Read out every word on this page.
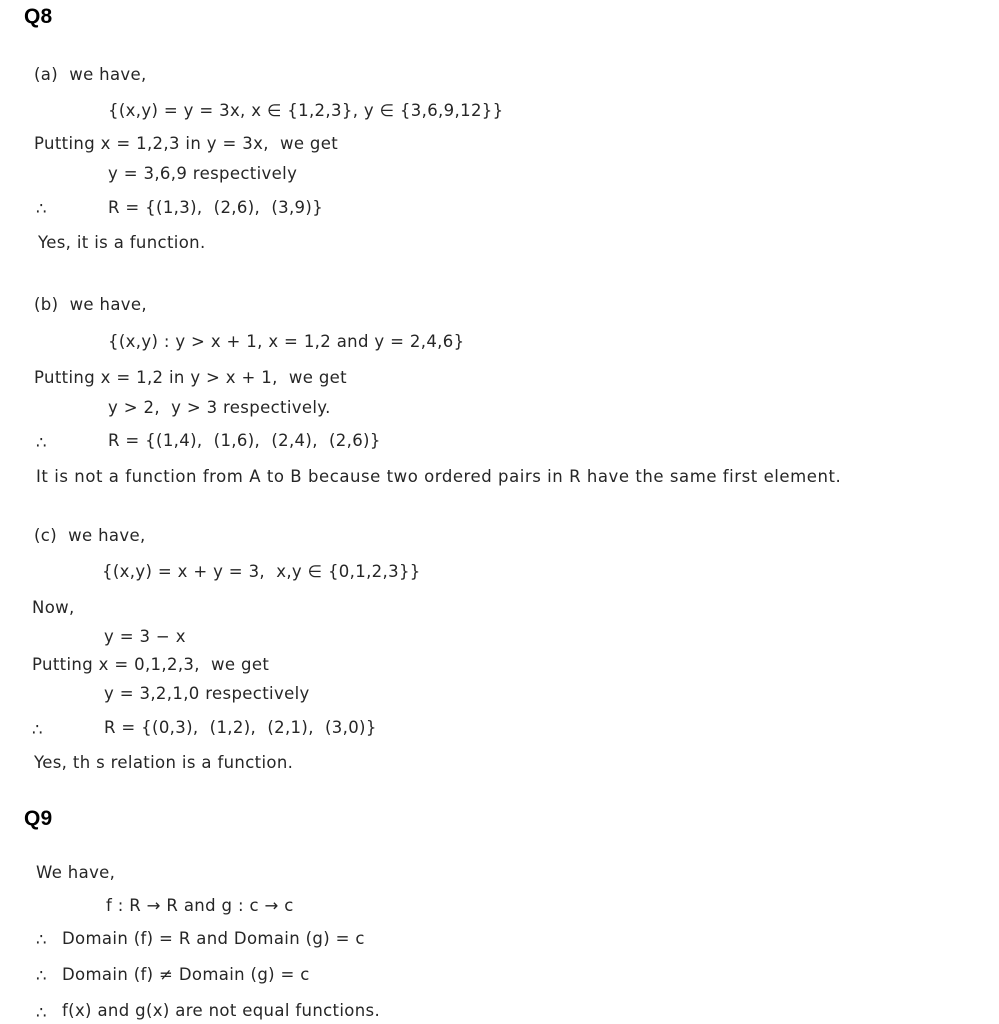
Q8
(a)  we have,
{(x,y) = y = 3x, x ∈ {1,2,3}, y ∈ {3,6,9,12}}
Putting x = 1,2,3 in y = 3x,  we get
y = 3,6,9 respectively
∴	R = {(1,3),  (2,6),  (3,9)}
Yes, it is a function.
(b)  we have,
{(x,y) : y > x + 1, x = 1,2 and y = 2,4,6}
Putting x = 1,2 in y > x + 1,  we get
y > 2,  y > 3 respectively.
∴	R = {(1,4),  (1,6),  (2,4),  (2,6)}
It is not a function from A to B because two ordered pairs in R have the same first element.
(c)  we have,
{(x,y) = x + y = 3,  x,y ∈ {0,1,2,3}}
Now,
y = 3 − x
Putting x = 0,1,2,3,  we get
y = 3,2,1,0 respectively
∴	R = {(0,3),  (1,2),  (2,1),  (3,0)}
Yes, th s relation is a function.
Q9
We have,
f : R → R and g : c → c
∴ Domain (f) = R and Domain (g) = c
∴ Domain (f) ≠ Domain (g) = c
∴ f(x) and g(x) are not equal functions.
